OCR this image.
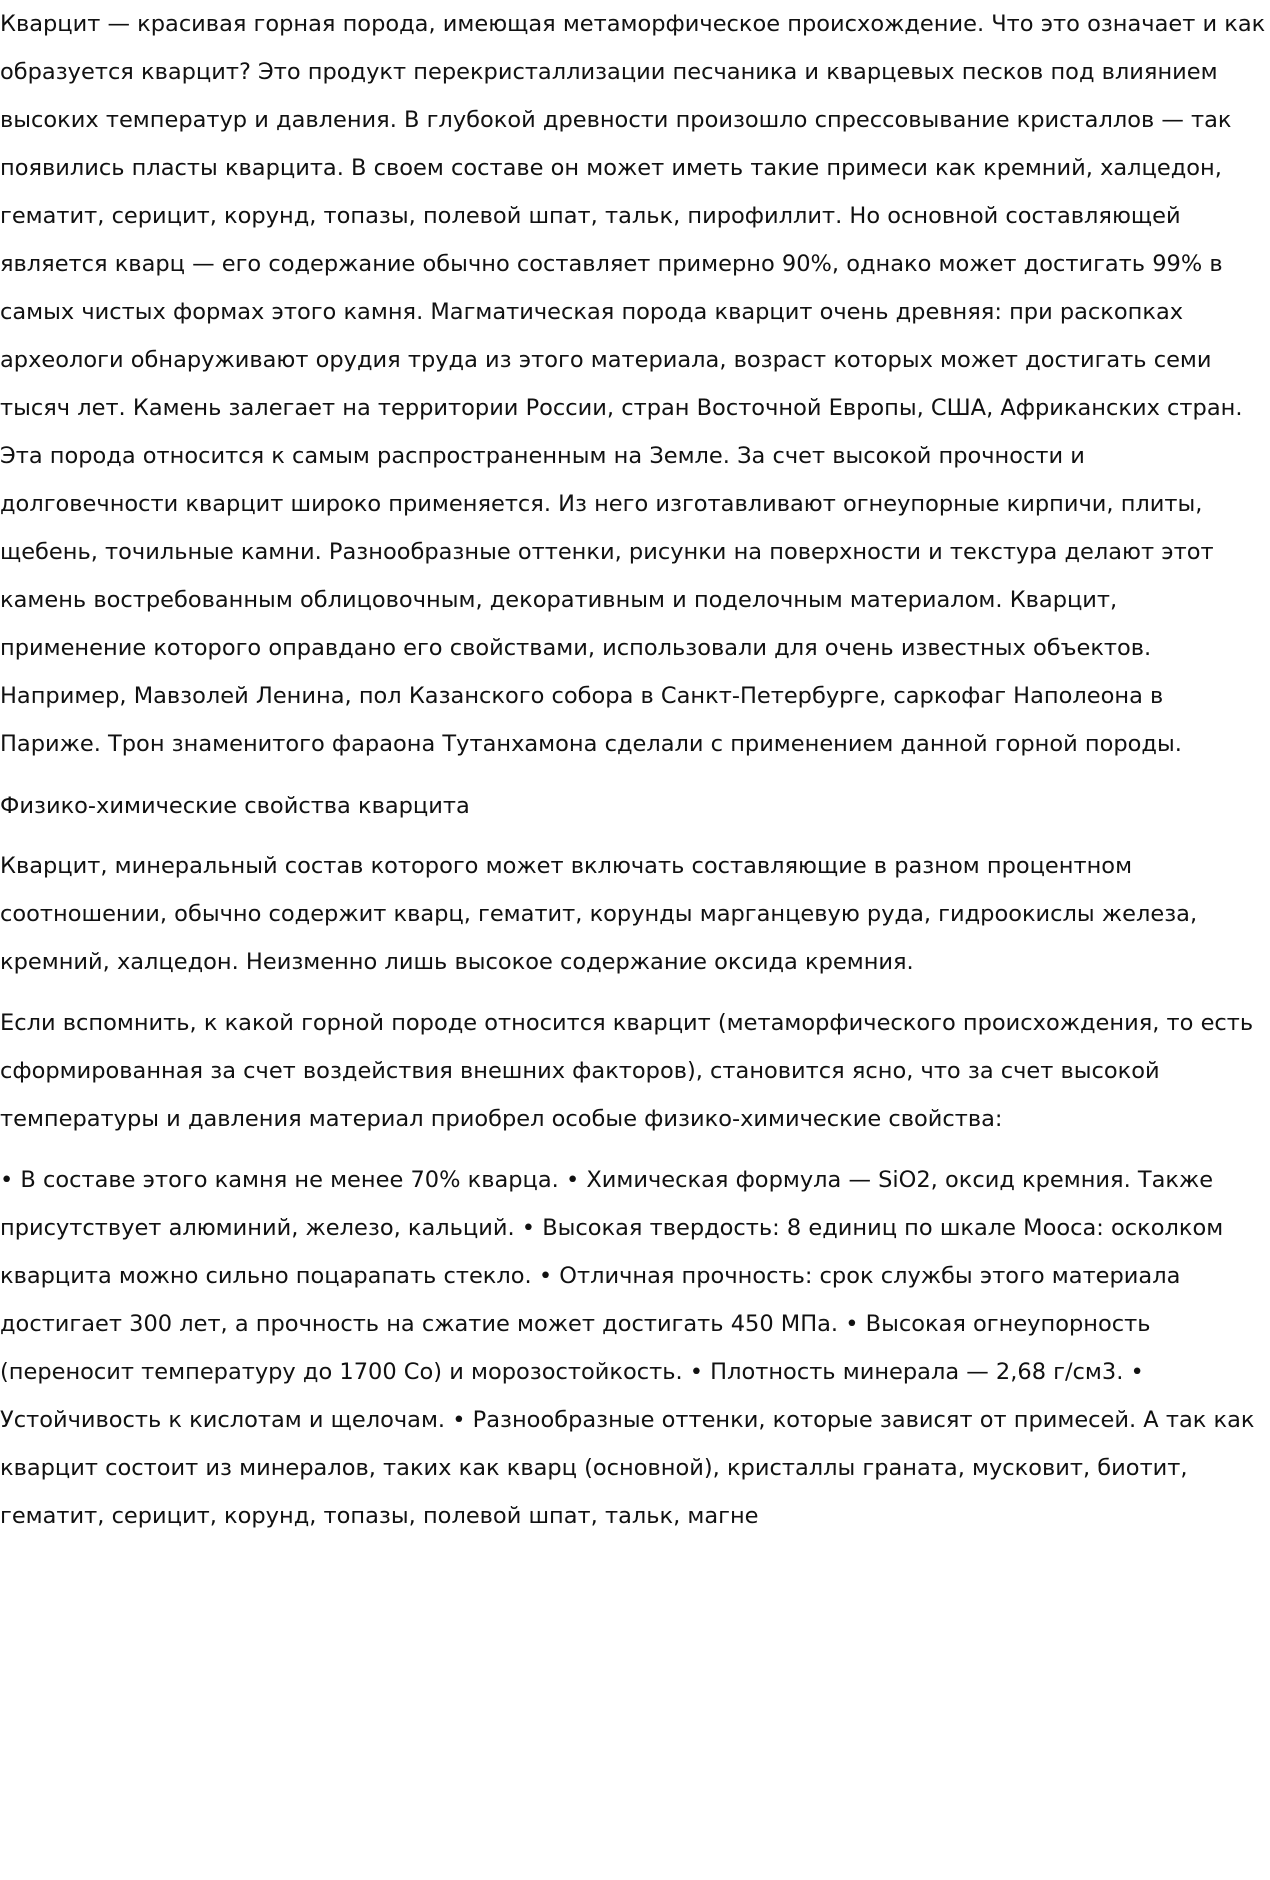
Кварцит — красивая горная порода, имеющая метаморфическое происхождение. Что это означает и как образуется кварцит? Это продукт перекристаллизации песчаника и кварцевых песков под влиянием высоких температур и давления. В глубокой древности произошло спрессовывание кристаллов — так появились пласты кварцита. В своем составе он может иметь такие примеси как кремний, халцедон, гематит, серицит, корунд, топазы, полевой шпат, тальк, пирофиллит. Но основной составляющей является кварц — его содержание обычно составляет примерно 90%, однако может достигать 99% в самых чистых формах этого камня. Магматическая порода кварцит очень древняя: при раскопках археологи обнаруживают орудия труда из этого материала, возраст которых может достигать семи тысяч лет. Камень залегает на территории России, стран Восточной Европы, США, Африканских стран. Эта порода относится к самым распространенным на Земле. За счет высокой прочности и долговечности кварцит широко применяется. Из него изготавливают огнеупорные кирпичи, плиты, щебень, точильные камни. Разнообразные оттенки, рисунки на поверхности и текстура делают этот камень востребованным облицовочным, декоративным и поделочным материалом. Кварцит, применение которого оправдано его свойствами, использовали для очень известных объектов. Например, Мавзолей Ленина, пол Казанского собора в Санкт-Петербурге, саркофаг Наполеона в Париже. Трон знаменитого фараона Тутанхамона сделали с применением данной горной породы.

Физико-химические свойства кварцита

Кварцит, минеральный состав которого может включать составляющие в разном процентном соотношении, обычно содержит кварц, гематит, корунды марганцевую руда, гидроокислы железа, кремний, халцедон. Неизменно лишь высокое содержание оксида кремния.

Если вспомнить, к какой горной породе относится кварцит (метаморфического происхождения, то есть сформированная за счет воздействия внешних факторов), становится ясно, что за счет высокой температуры и давления материал приобрел особые физико-химические свойства:

• В составе этого камня не менее 70% кварца. • Химическая формула — SiO2, оксид кремния. Также присутствует алюминий, железо, кальций. • Высокая твердость: 8 единиц по шкале Мооса: осколком кварцита можно сильно поцарапать стекло. • Отличная прочность: срок службы этого материала достигает 300 лет, а прочность на сжатие может достигать 450 МПа. • Высокая огнеупорность (переносит температуру до 1700 Со) и морозостойкость. • Плотность минерала — 2,68 г/см3. • Устойчивость к кислотам и щелочам. • Разнообразные оттенки, которые зависят от примесей. А так как кварцит состоит из минералов, таких как кварц (основной), кристаллы граната, мусковит, биотит, гематит, серицит, корунд, топазы, полевой шпат, тальк, магне
